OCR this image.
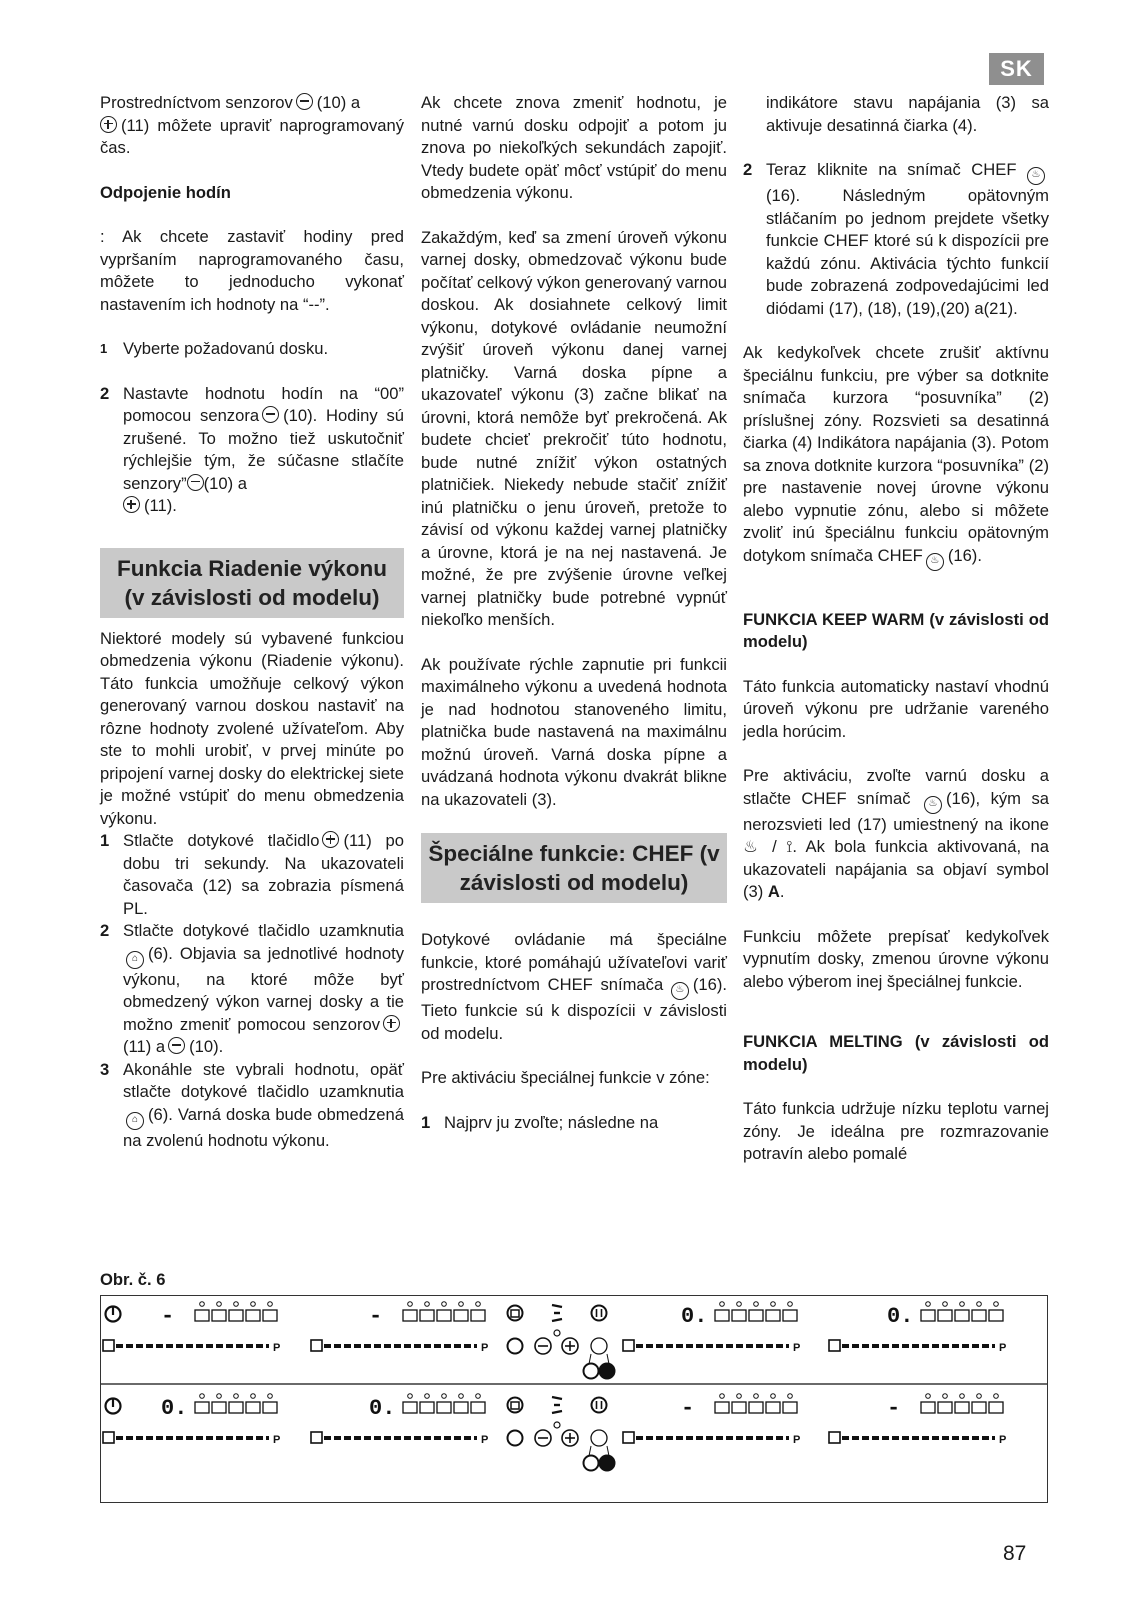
SK

Prostredníctvom senzorov (10) a
(11) môžete upraviť naprogramovaný čas.

Odpojenie hodín

: Ak chcete zastaviť hodiny pred vypršaním naprogramovaného času, môžete to jednoducho vykonať nastavením ich hodnoty na “--”.

1 Vyberte požadovanú dosku.
2 Nastavte hodnotu hodín na “00” pomocou senzora (10). Hodiny sú zrušené. To možno tiež uskutočniť rýchlejšie tým, že súčasne stlačíte senzory” (10) a
(11).
Funkcia Riadenie výkonu (v závislosti od modelu)

Niektoré modely sú vybavené funkciou obmedzenia výkonu (Riadenie výkonu). Táto funkcia umožňuje celkový výkon generovaný varnou doskou nastaviť na rôzne hodnoty zvolené užívateľom. Aby ste to mohli urobiť, v prvej minúte po pripojení varnej dosky do elektrickej siete je možné vstúpiť do menu obmedzenia výkonu.

1 Stlačte dotykové tlačidlo (11) po dobu tri sekundy. Na ukazovateli časovača (12) sa zobrazia písmená PL.
2 Stlačte dotykové tlačidlo uzamknutia⌂ (6). Objavia sa jednotlivé hodnoty výkonu, na ktoré môže byť obmedzený výkon varnej dosky a tie možno zmeniť pomocou senzorov(11) a (10).
3 Akonáhle ste vybrali hodnotu, opäť stlačte dotykové tlačidlo uzamknutia⌂ (6). Varná doska bude obmedzená na zvolenú hodnotu výkonu.

Ak chcete znova zmeniť hodnotu, je nutné varnú dosku odpojiť a potom ju znova po niekoľkých sekundách zapojiť. Vtedy budete opäť môcť vstúpiť do menu obmedzenia výkonu.

Zakaždým, keď sa zmení úroveň výkonu varnej dosky, obmedzovač výkonu bude počítať celkový výkon generovaný varnou doskou. Ak dosiahnete celkový limit výkonu, dotykové ovládanie neumožní zvýšiť úroveň výkonu danej varnej platničky. Varná doska pípne a ukazovateľ výkonu (3) začne blikať na úrovni, ktorá nemôže byť prekročená. Ak budete chcieť prekročiť túto hodnotu, bude nutné znížiť výkon ostatných platničiek. Niekedy nebude stačiť znížiť inú platničku o jenu úroveň, pretože to závisí od výkonu každej varnej platničky a úrovne, ktorá je na nej nastavená. Je možné, že pre zvýšenie úrovne veľkej varnej platničky bude potrebné vypnúť niekoľko menších.

Ak používate rýchle zapnutie pri funkcii maximálneho výkonu a uvedená hodnota je nad hodnotou stanoveného limitu, platnička bude nastavená na maximálnu možnú úroveň. Varná doska pípne a uvádzaná hodnota výkonu dvakrát blikne na ukazovateli (3).

Špeciálne funkcie: CHEF (v závislosti od modelu)

Dotykové ovládanie má špeciálne funkcie, ktoré pomáhajú užívateľovi variť prostredníctvom CHEF snímača ♨ (16). Tieto funkcie sú k dispozícii v závislosti od modelu.

Pre aktiváciu špeciálnej funkcie v zóne:

1 Najprv ju zvoľte; následne na
indikátore stavu napájania (3) sa aktivuje desatinná čiarka (4).
2 Teraz kliknite na snímač CHEF ♨(16). Následným opätovným stláčaním po jednom prejdete všetky funkcie CHEF ktoré sú k dispozícii pre každú zónu. Aktivácia týchto funkcií bude zobrazená zodpovedajúcimi led diódami (17), (18), (19),(20) a(21).

Ak kedykoľvek chcete zrušiť aktívnu špeciálnu funkciu, pre výber sa dotknite snímača kurzora “posuvníka” (2) príslušnej zóny. Rozsvieti sa desatinná čiarka (4) Indikátora napájania (3). Potom sa znova dotknite kurzora “posuvníka” (2) pre nastavenie novej úrovne výkonu alebo vypnutie zónu, alebo si môžete zvoliť inú špeciálnu funkciu opätovným dotykom snímača CHEF ♨ (16).

FUNKCIA KEEP WARM (v závislosti od modelu)

Táto funkcia automaticky nastaví vhodnú úroveň výkonu pre udržanie vareného jedla horúcim.

Pre aktiváciu, zvoľte varnú dosku a stlačte CHEF snímač ♨ (16), kým sa nerozsvieti led (17) umiestnený na ikone ♨ / ⟟. Ak bola funkcia aktivovaná, na ukazovateli napájania sa objaví symbol (3) A.

Funkciu môžete prepísať kedykoľvek vypnutím dosky, zmenou úrovne výkonu alebo výberom inej špeciálnej funkcie.

FUNKCIA MELTING (v závislosti od modelu)

Táto funkcia udržuje nízku teplotu varnej zóny. Je ideálna pre rozmrazovanie potravín alebo pomalé

Obr. č. 6
-
P
-
P
0.
P
0.
P
0.
P
0.
P
-
P
-
P
87
